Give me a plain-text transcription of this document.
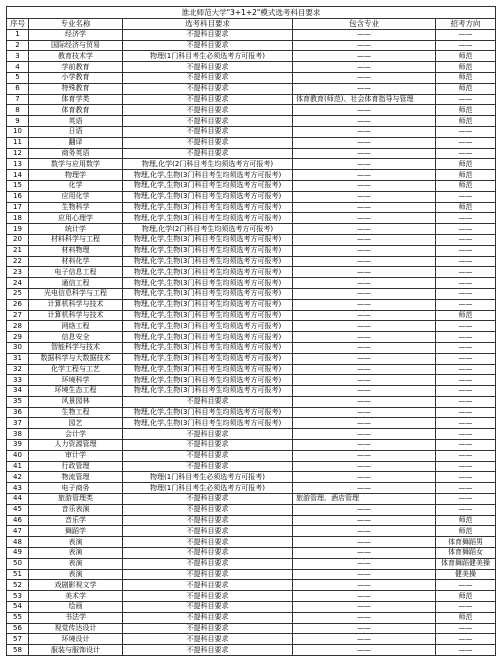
淮北师范大学"3+1+2"模式选考科目要求				
序号	专业名称	选考科目要求	包含专业	招考方向
1	经济学	不提科目要求	——	——
2	国际经济与贸易	不提科目要求	——	——
3	教育技术学	物理(1门科目考生必须选考方可报考)	——	师范
4	学前教育	不提科目要求	——	师范
5	小学教育	不提科目要求	——	师范
6	特殊教育	不提科目要求	——	师范
7	体育学类	不提科目要求	体育教育(师范)、社会体育指导与管理	——
8	体育教育	不提科目要求	——	师范
9	英语	不提科目要求	——	师范
10	日语	不提科目要求	——	——
11	翻译	不提科目要求	——	——
12	商务英语	不提科目要求	——	——
13	数学与应用数学	物理,化学(2门科目考生均须选考方可报考)	——	师范
14	物理学	物理,化学,生物(3门科目考生均须选考方可报考)	——	师范
15	化学	物理,化学,生物(3门科目考生均须选考方可报考)	——	师范
16	应用化学	物理,化学,生物(3门科目考生均须选考方可报考)	——	——
17	生物科学	物理,化学,生物(3门科目考生均须选考方可报考)	——	师范
18	应用心理学	物理,化学,生物(3门科目考生均须选考方可报考)	——	——
19	统计学	物理,化学(2门科目考生均须选考方可报考)	——	——
20	材料科学与工程	物理,化学,生物(3门科目考生均须选考方可报考)	——	——
21	材料物理	物理,化学,生物(3门科目考生均须选考方可报考)	——	——
22	材料化学	物理,化学,生物(3门科目考生均须选考方可报考)	——	——
23	电子信息工程	物理,化学,生物(3门科目考生均须选考方可报考)	——	——
24	通信工程	物理,化学,生物(3门科目考生均须选考方可报考)	——	——
25	光电信息科学与工程	物理,化学,生物(3门科目考生均须选考方可报考)	——	——
26	计算机科学与技术	物理,化学,生物(3门科目考生均须选考方可报考)	——	——
27	计算机科学与技术	物理,化学,生物(3门科目考生均须选考方可报考)	——	师范
28	网络工程	物理,化学,生物(3门科目考生均须选考方可报考)	——	——
29	信息安全	物理,化学,生物(3门科目考生均须选考方可报考)	——	——
30	智能科学与技术	物理,化学,生物(3门科目考生均须选考方可报考)	——	——
31	数据科学与大数据技术	物理,化学,生物(3门科目考生均须选考方可报考)	——	——
32	化学工程与工艺	物理,化学,生物(3门科目考生均须选考方可报考)	——	——
33	环境科学	物理,化学,生物(3门科目考生均须选考方可报考)	——	——
34	环境生态工程	物理,化学,生物(3门科目考生均须选考方可报考)	——	——
35	风景园林	不提科目要求	——	——
36	生物工程	物理,化学,生物(3门科目考生均须选考方可报考)	——	——
37	园艺	物理,化学,生物(3门科目考生均须选考方可报考)	——	——
38	会计学	不提科目要求	——	——
39	人力资源管理	不提科目要求	——	——
40	审计学	不提科目要求	——	——
41	行政管理	不提科目要求	——	——
42	物流管理	物理(1门科目考生必须选考方可报考)	——	——
43	电子商务	物理(1门科目考生必须选考方可报考)	——	——
44	旅游管理类	不提科目要求	旅游管理、酒店管理	——
45	音乐表演	不提科目要求	——	——
46	音乐学	不提科目要求	——	师范
47	舞蹈学	不提科目要求	——	师范
48	表演	不提科目要求	——	体育舞蹈男
49	表演	不提科目要求	——	体育舞蹈女
50	表演	不提科目要求	——	体育舞蹈健美操
51	表演	不提科目要求	——	健美操
52	戏剧影视文学	不提科目要求	——	——
53	美术学	不提科目要求	——	师范
54	绘画	不提科目要求	——	——
55	书法学	不提科目要求	——	师范
56	视觉传达设计	不提科目要求	——	——
57	环境设计	不提科目要求	——	——
58	服装与服饰设计	不提科目要求	——	——
